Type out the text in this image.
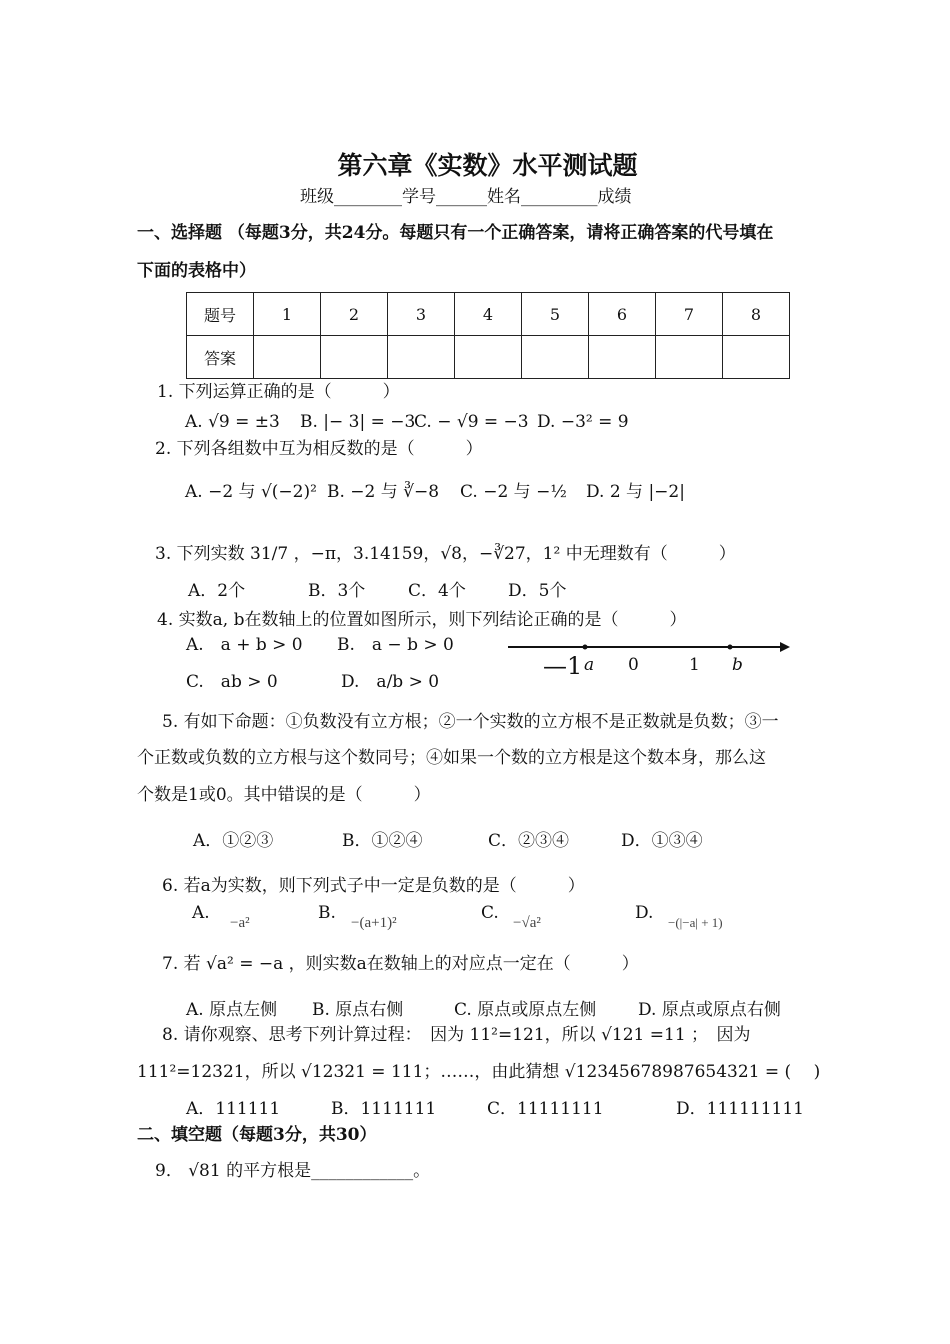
第六章《实数》水平测试题
班级________学号______姓名_________成绩
一、选择题 （每题3分，共24分。每题只有一个正确答案，请将正确答案的代号填在
下面的表格中）
题号	1	2	3	4	5	6	7	8
答案								
1. 下列运算正确的是（　　　）
A. √9 = ±3 B. |− 3| = −3
C. − √9 = −3 D. −3² = 9
2. 下列各组数中互为相反数的是（　　　）
A. −2 与 √(−2)² B. −2 与 ∛−8 C. −2 与 −½ D. 2 与 |−2|
3. 下列实数 31/7 ，−π，3.14159，√8，−∛27，1² 中无理数有（　　　）
A．2个	B．3个	C．4个 D．5个
4. 实数a, b在数轴上的位置如图所示，则下列结论正确的是（　　　）
A.　a + b > 0 B.　a − b > 0
C.　ab > 0	D.　a/b > 0
—1 a 0	1 b
5. 有如下命题：①负数没有立方根；②一个实数的立方根不是正数就是负数；③一
个正数或负数的立方根与这个数同号；④如果一个数的立方根是这个数本身，那么这
个数是1或0。其中错误的是（　　　）
A．①②③	B．①②④	C．②③④	D．①③④
6. 若a为实数，则下列式子中一定是负数的是（　　　）
A. −a²	B. −(a+1)²	C. −√a²	D. −(|−a| + 1)
7. 若 √a² = −a ，则实数a在数轴上的对应点一定在（　　　）
A. 原点左侧 B. 原点右侧	C. 原点或原点左侧 D. 原点或原点右侧
8. 请你观察、思考下列计算过程：　因为 11²=121，所以 √121 =11 ；　因为
111²=12321，所以 √12321 = 111；……，由此猜想 √12345678987654321 = (　 )
A．111111	B．1111111	C．11111111	D．111111111
二、填空题（每题3分，共30）
9． √81 的平方根是____________。
